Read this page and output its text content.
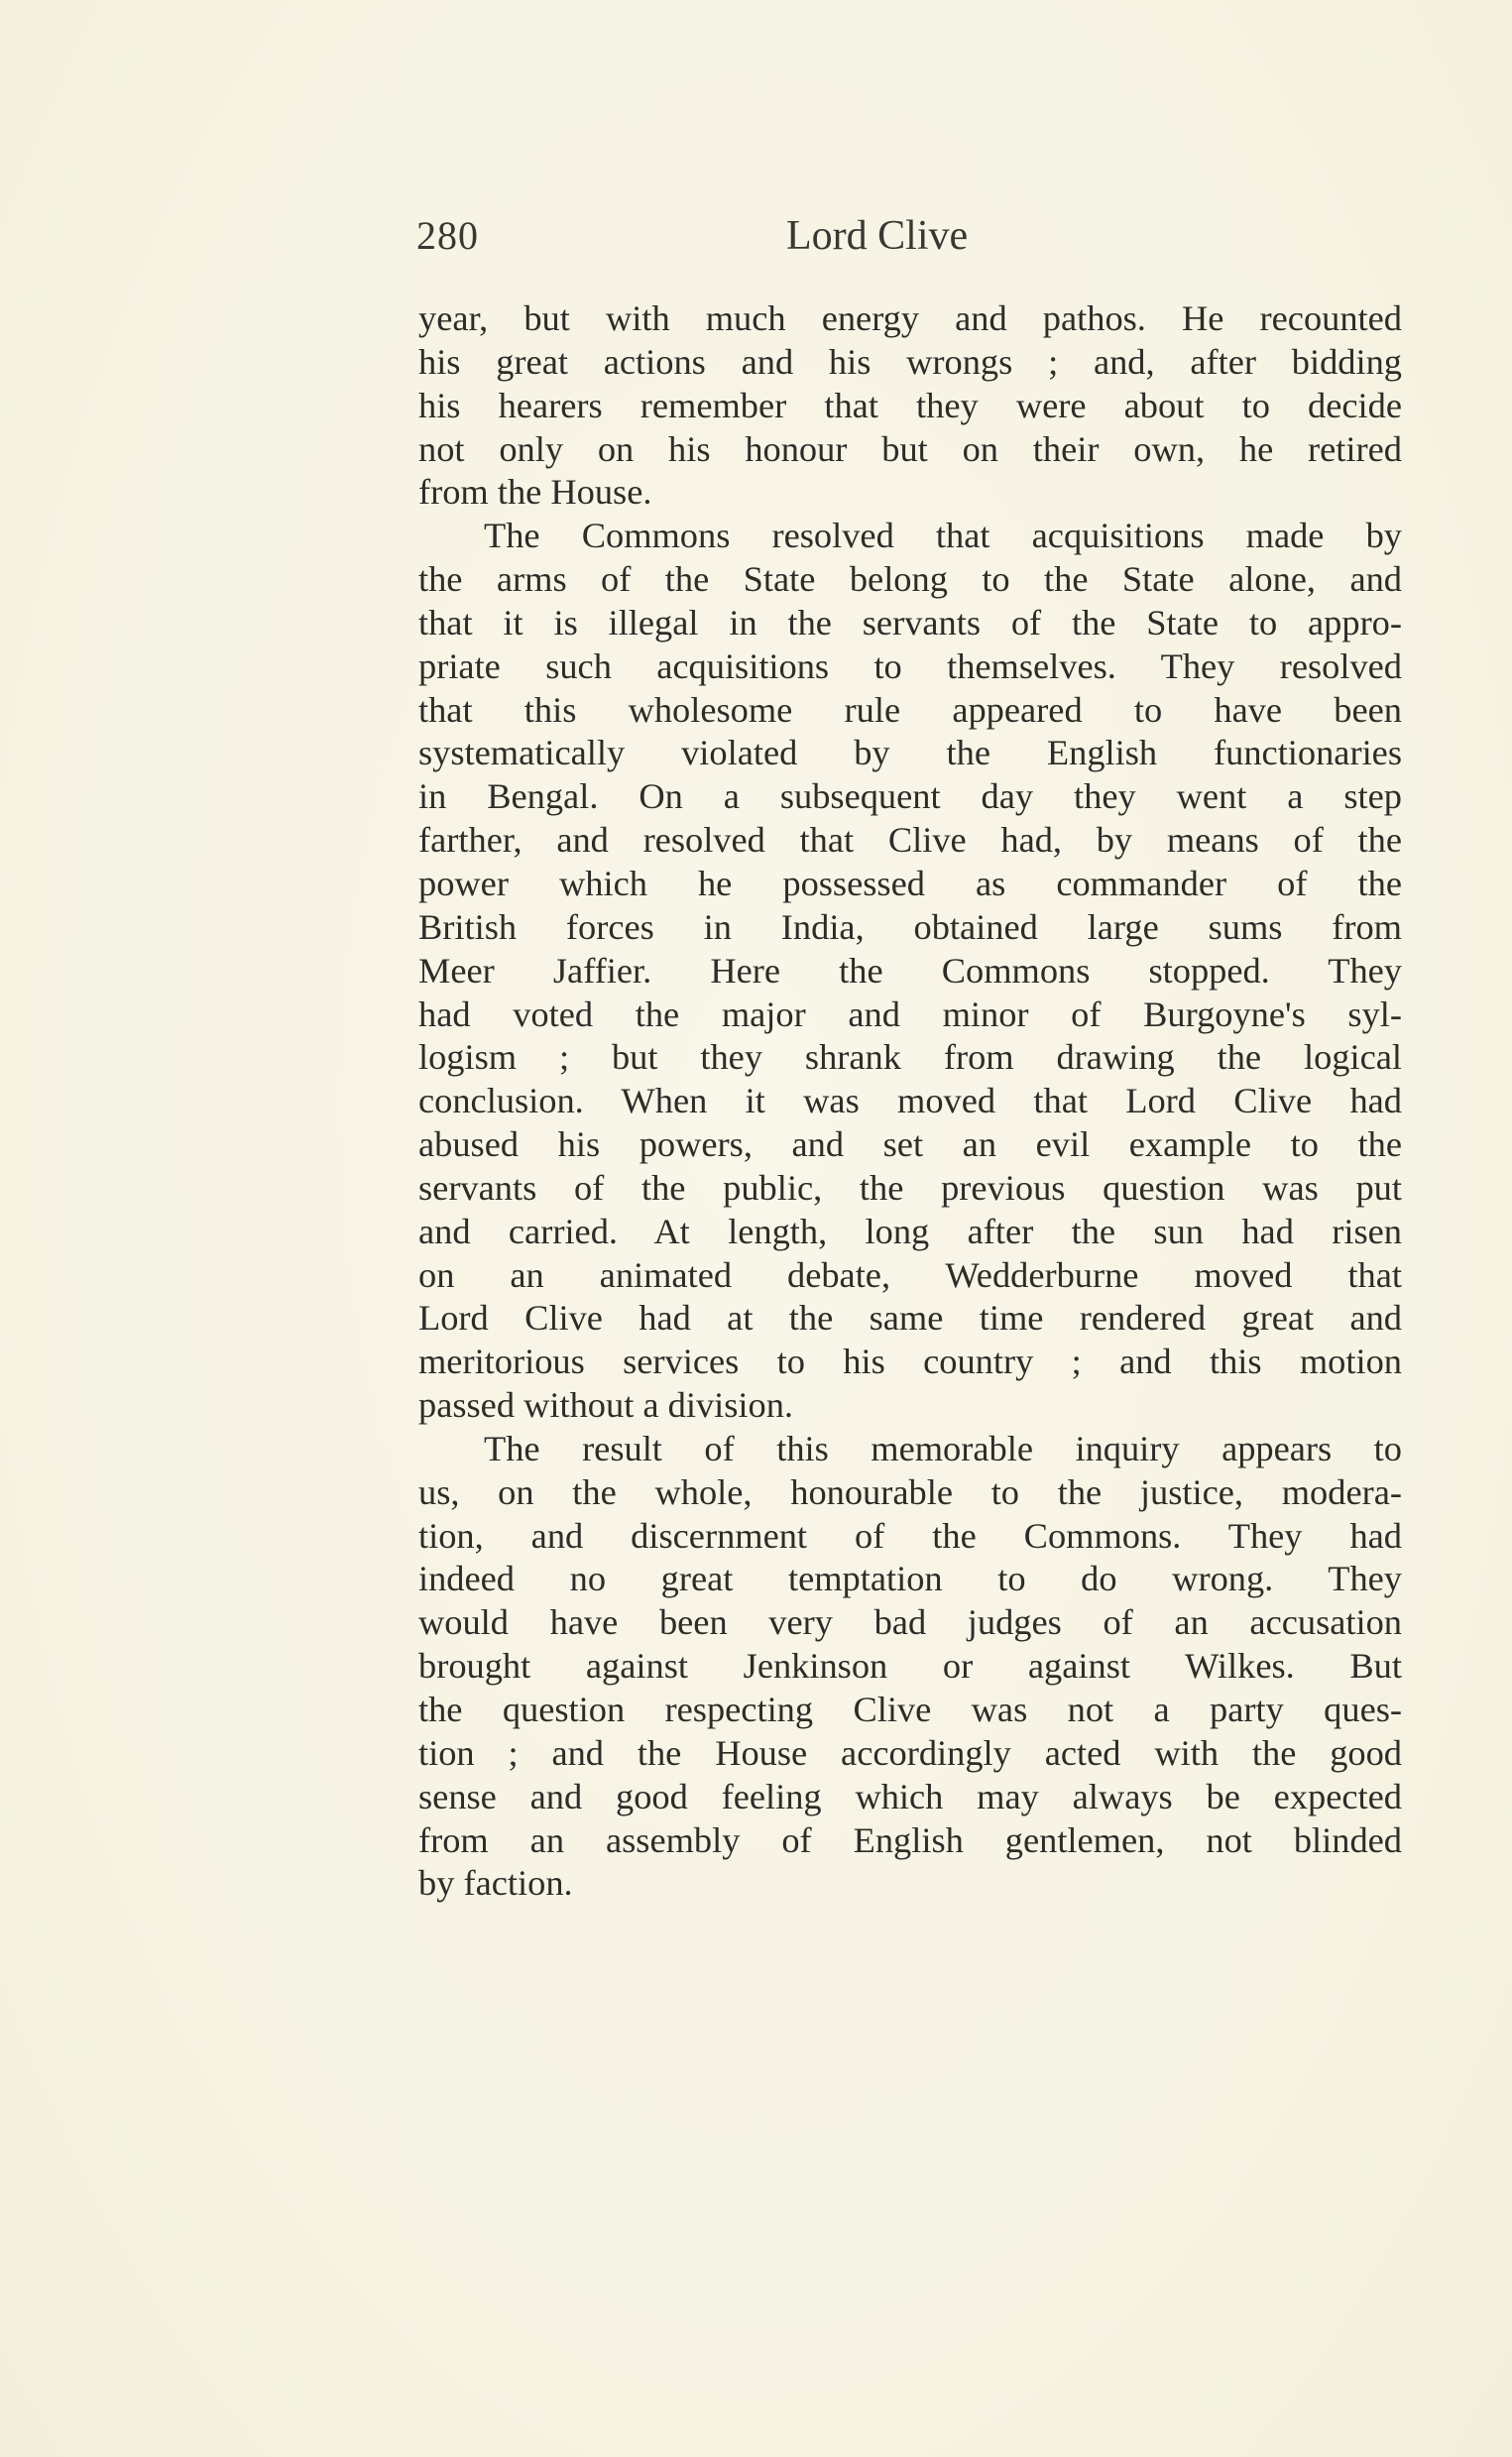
280	Lord Clive

year, but with much energy and pathos. He recounted
his great actions and his wrongs ; and, after bidding
his hearers remember that they were about to decide
not only on his honour but on their own, he retired
from the House.

The Commons resolved that acquisitions made by
the arms of the State belong to the State alone, and
that it is illegal in the servants of the State to appro-
priate such acquisitions to themselves. They resolved
that this wholesome rule appeared to have been
systematically violated by the English functionaries
in Bengal. On a subsequent day they went a step
farther, and resolved that Clive had, by means of the
power which he possessed as commander of the
British forces in India, obtained large sums from
Meer Jaffier. Here the Commons stopped. They
had voted the major and minor of Burgoyne's syl-
logism ; but they shrank from drawing the logical
conclusion. When it was moved that Lord Clive had
abused his powers, and set an evil example to the
servants of the public, the previous question was put
and carried. At length, long after the sun had risen
on an animated debate, Wedderburne moved that
Lord Clive had at the same time rendered great and
meritorious services to his country ; and this motion
passed without a division.

The result of this memorable inquiry appears to
us, on the whole, honourable to the justice, modera-
tion, and discernment of the Commons. They had
indeed no great temptation to do wrong. They
would have been very bad judges of an accusation
brought against Jenkinson or against Wilkes. But
the question respecting Clive was not a party ques-
tion ; and the House accordingly acted with the good
sense and good feeling which may always be expected
from an assembly of English gentlemen, not blinded
by faction.
